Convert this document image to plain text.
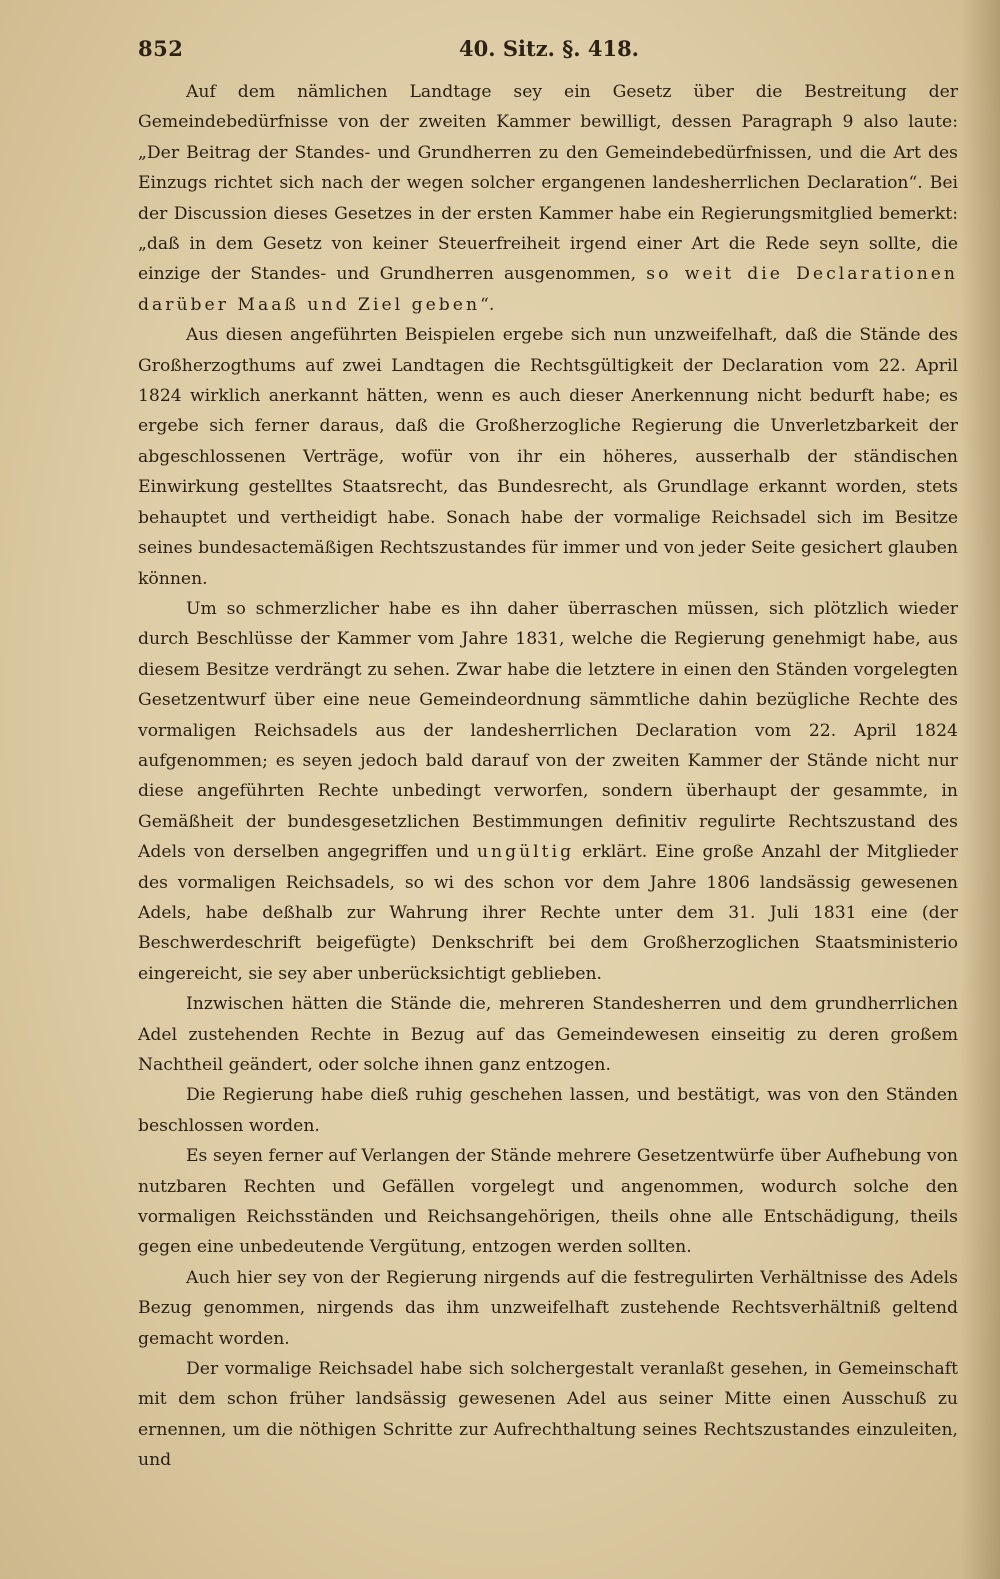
852	40. Sitz. §. 418.

Auf dem nämlichen Landtage sey ein Gesetz über die Bestreitung der Gemeindebedürfnisse von der zweiten Kammer bewilligt, dessen Paragraph 9 also laute: „Der Beitrag der Standes- und Grundherren zu den Gemeindebedürfnissen, und die Art des Einzugs richtet sich nach der wegen solcher ergangenen landesherrlichen Declaration“. Bei der Discussion dieses Gesetzes in der ersten Kammer habe ein Regierungsmitglied bemerkt: „daß in dem Gesetz von keiner Steuerfreiheit irgend einer Art die Rede seyn sollte, die einzige der Standes- und Grundherren ausgenommen, so weit die Declarationen darüber Maaß und Ziel geben“.

Aus diesen angeführten Beispielen ergebe sich nun unzweifelhaft, daß die Stände des Großherzogthums auf zwei Landtagen die Rechtsgültigkeit der Declaration vom 22. April 1824 wirklich anerkannt hätten, wenn es auch dieser Anerkennung nicht bedurft habe; es ergebe sich ferner daraus, daß die Großherzogliche Regierung die Unverletzbarkeit der abgeschlossenen Verträge, wofür von ihr ein höheres, ausserhalb der ständischen Einwirkung gestelltes Staatsrecht, das Bundesrecht, als Grundlage erkannt worden, stets behauptet und vertheidigt habe. Sonach habe der vormalige Reichsadel sich im Besitze seines bundesactemäßigen Rechtszustandes für immer und von jeder Seite gesichert glauben können.

Um so schmerzlicher habe es ihn daher überraschen müssen, sich plötzlich wieder durch Beschlüsse der Kammer vom Jahre 1831, welche die Regierung genehmigt habe, aus diesem Besitze verdrängt zu sehen. Zwar habe die letztere in einen den Ständen vorgelegten Gesetzentwurf über eine neue Gemeindeordnung sämmtliche dahin bezügliche Rechte des vormaligen Reichsadels aus der landesherrlichen Declaration vom 22. April 1824 aufgenommen; es seyen jedoch bald darauf von der zweiten Kammer der Stände nicht nur diese angeführten Rechte unbedingt verworfen, sondern überhaupt der gesammte, in Gemäßheit der bundesgesetzlichen Bestimmungen definitiv regulirte Rechtszustand des Adels von derselben angegriffen und ungültig erklärt. Eine große Anzahl der Mitglieder des vormaligen Reichsadels, so wi des schon vor dem Jahre 1806 landsässig gewesenen Adels, habe deßhalb zur Wahrung ihrer Rechte unter dem 31. Juli 1831 eine (der Beschwerdeschrift beigefügte) Denkschrift bei dem Großherzoglichen Staatsministerio eingereicht, sie sey aber unberücksichtigt geblieben.

Inzwischen hätten die Stände die, mehreren Standesherren und dem grundherrlichen Adel zustehenden Rechte in Bezug auf das Gemeindewesen einseitig zu deren großem Nachtheil geändert, oder solche ihnen ganz entzogen.

Die Regierung habe dieß ruhig geschehen lassen, und bestätigt, was von den Ständen beschlossen worden.

Es seyen ferner auf Verlangen der Stände mehrere Gesetzentwürfe über Aufhebung von nutzbaren Rechten und Gefällen vorgelegt und angenommen, wodurch solche den vormaligen Reichsständen und Reichsangehörigen, theils ohne alle Entschädigung, theils gegen eine unbedeutende Vergütung, entzogen werden sollten.

Auch hier sey von der Regierung nirgends auf die festregulirten Verhältnisse des Adels Bezug genommen, nirgends das ihm unzweifelhaft zustehende Rechtsverhältniß geltend gemacht worden.

Der vormalige Reichsadel habe sich solchergestalt veranlaßt gesehen, in Gemeinschaft mit dem schon früher landsässig gewesenen Adel aus seiner Mitte einen Ausschuß zu ernennen, um die nöthigen Schritte zur Aufrechthaltung seines Rechtszustandes einzuleiten, und
